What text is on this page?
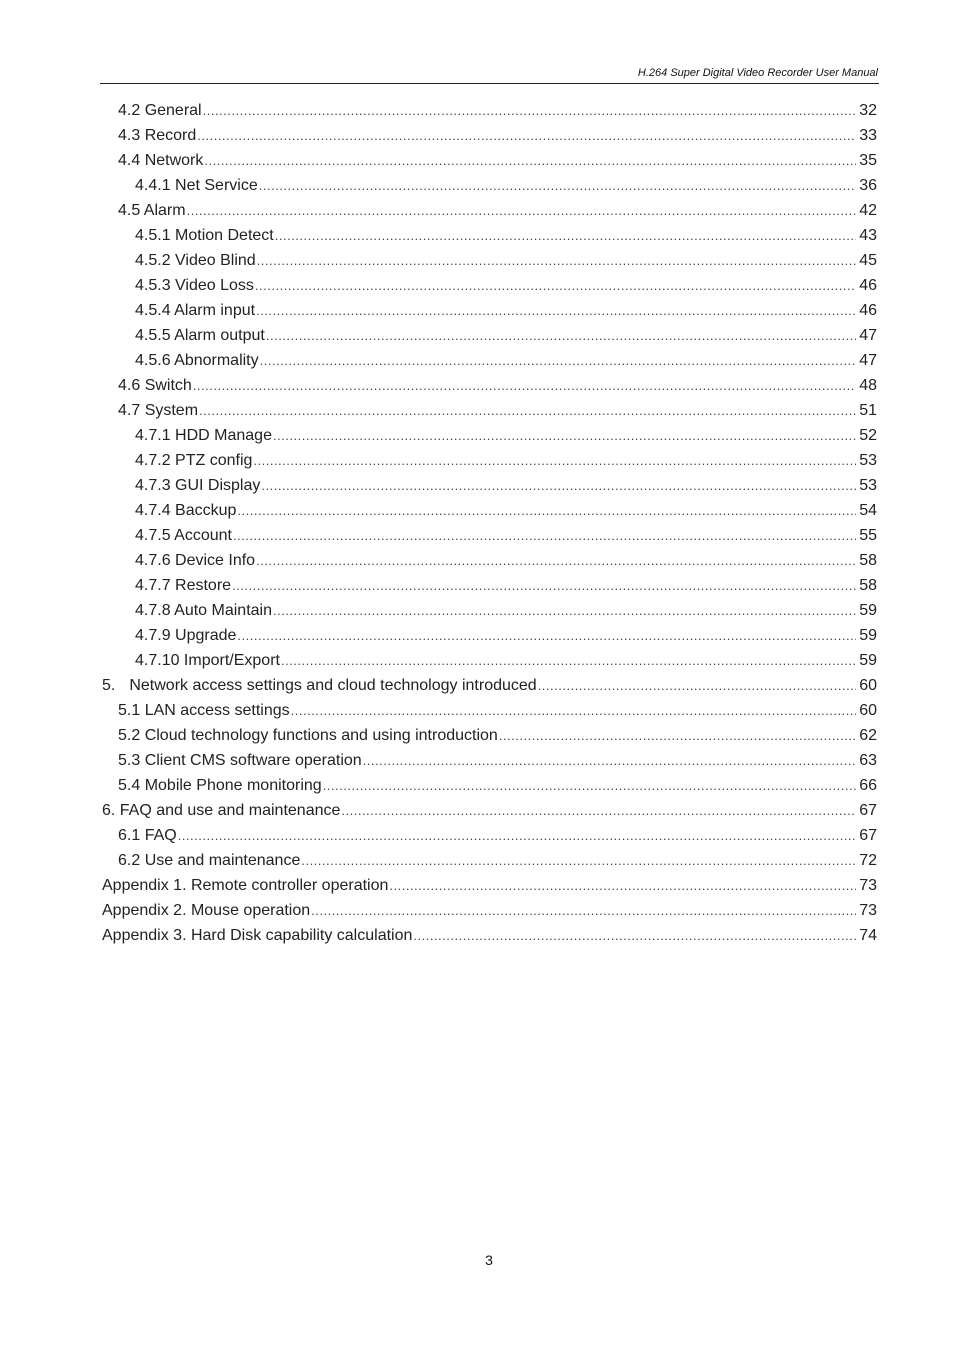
H.264 Super Digital Video Recorder User Manual
4.2 General .....	32
4.3 Record .....	33
4.4 Network .....	35
4.4.1 Net Service .....	36
4.5 Alarm .....	42
4.5.1 Motion Detect .....	43
4.5.2 Video Blind .....	45
4.5.3 Video Loss .....	46
4.5.4 Alarm input .....	46
4.5.5 Alarm output .....	47
4.5.6 Abnormality .....	47
4.6 Switch .....	48
4.7 System .....	51
4.7.1 HDD Manage .....	52
4.7.2 PTZ config .....	53
4.7.3 GUI Display .....	53
4.7.4 Bacckup .....	54
4.7.5 Account .....	55
4.7.6 Device Info .....	58
4.7.7 Restore .....	58
4.7.8 Auto Maintain .....	59
4.7.9 Upgrade .....	59
4.7.10 Import/Export .....	59
5. Network access settings and cloud technology introduced .....	60
5.1 LAN access settings .....	60
5.2 Cloud technology functions and using introduction .....	62
5.3 Client CMS software operation .....	63
5.4 Mobile Phone monitoring .....	66
6. FAQ and use and maintenance .....	67
6.1 FAQ .....	67
6.2 Use and maintenance .....	72
Appendix 1. Remote controller operation .....	73
Appendix 2. Mouse operation .....	73
Appendix 3. Hard Disk capability calculation .....	74
3
